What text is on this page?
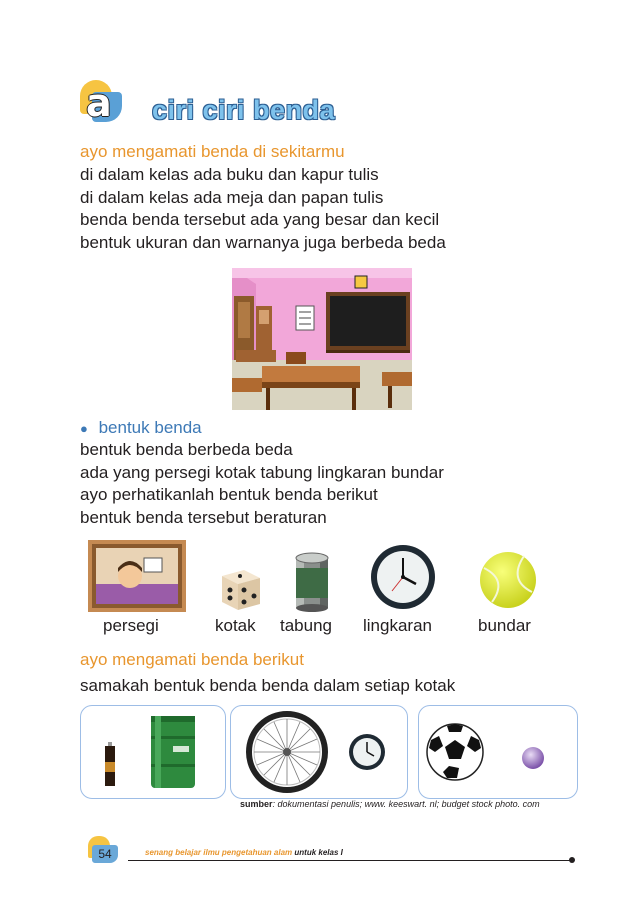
a ciri ciri benda
ayo mengamati benda di sekitarmu
di dalam kelas ada buku dan kapur tulis
di dalam kelas ada meja dan papan tulis
benda benda tersebut ada yang besar dan kecil
bentuk ukuran dan warnanya juga berbeda beda
● bentuk benda
bentuk benda berbeda beda
ada yang persegi kotak tabung lingkaran bundar
ayo perhatikanlah bentuk benda berikut
bentuk benda tersebut beraturan
persegi	kotak tabung lingkaran	bundar
ayo mengamati benda berikut
samakah bentuk benda benda dalam setiap kotak
sumber: dokumentasi penulis; www. keeswart. nl; budget stock photo. com
54	senang belajar ilmu pengetahuan alam untuk kelas I
